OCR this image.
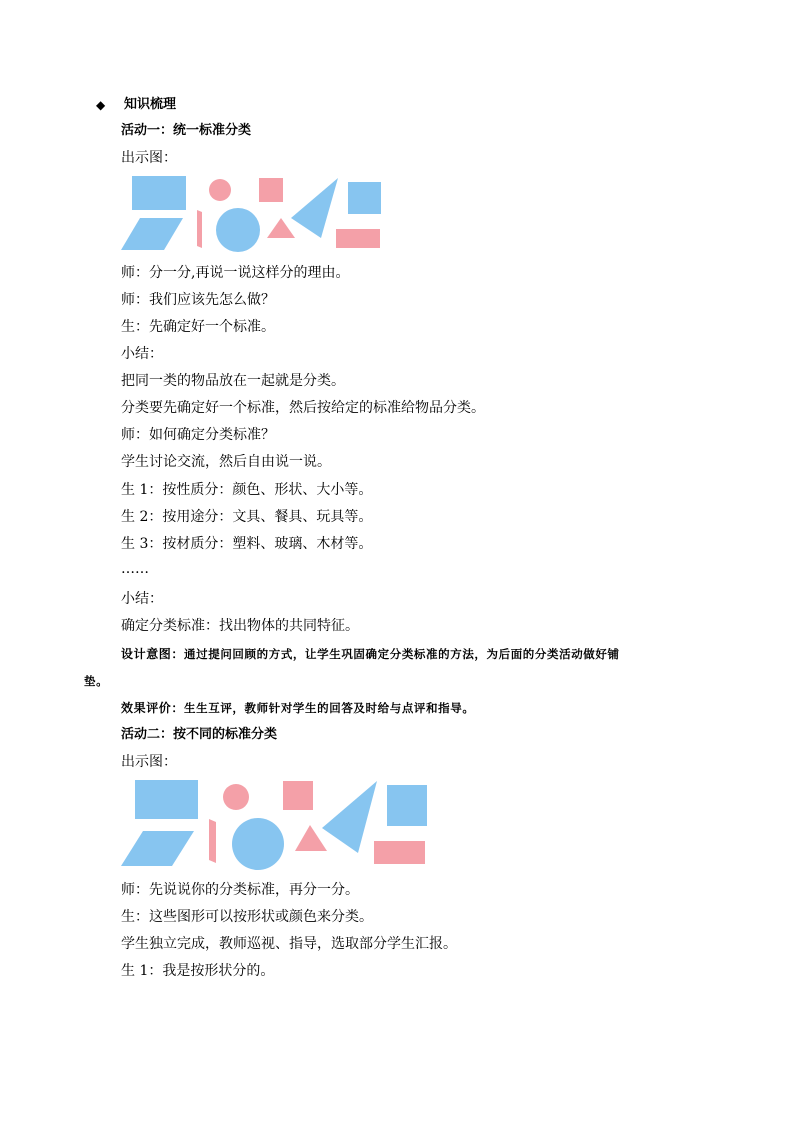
◆ 知识梳理
活动一：统一标准分类
出示图：
师：分一分,再说一说这样分的理由。
师：我们应该先怎么做？
生：先确定好一个标准。
小结：
把同一类的物品放在一起就是分类。
分类要先确定好一个标准，然后按给定的标准给物品分类。
师：如何确定分类标准？
学生讨论交流，然后自由说一说。
生 1：按性质分：颜色、形状、大小等。
生 2：按用途分：文具、餐具、玩具等。
生 3：按材质分：塑料、玻璃、木材等。
……
小结：
确定分类标准：找出物体的共同特征。
设计意图：通过提问回顾的方式，让学生巩固确定分类标准的方法，为后面的分类活动做好铺
垫。
效果评价：生生互评，教师针对学生的回答及时给与点评和指导。
活动二：按不同的标准分类
出示图：
师：先说说你的分类标准，再分一分。
生：这些图形可以按形状或颜色来分类。
学生独立完成，教师巡视、指导，选取部分学生汇报。
生 1：我是按形状分的。
